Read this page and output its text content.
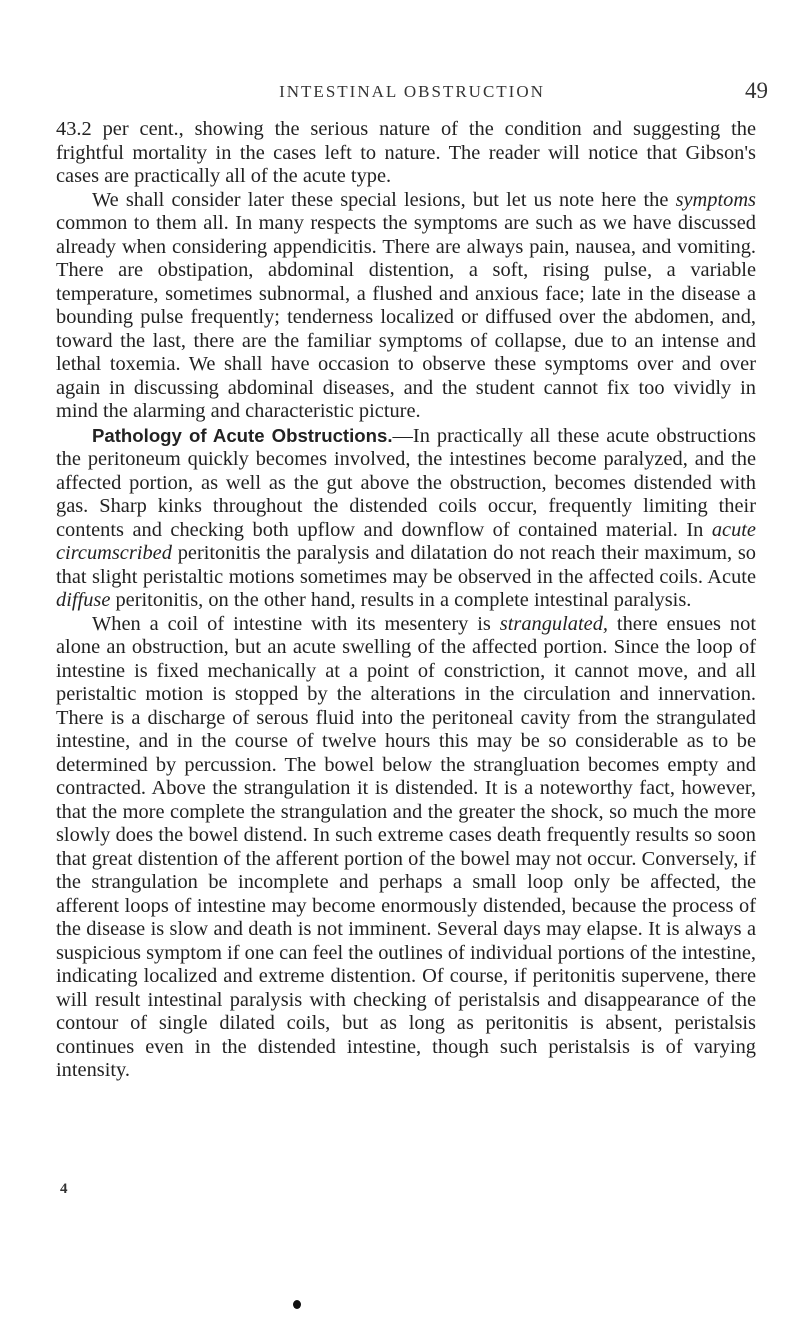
INTESTINAL OBSTRUCTION	49

43.2 per cent., showing the serious nature of the condition and suggesting the frightful mortality in the cases left to nature. The reader will notice that Gibson's cases are practically all of the acute type.

We shall consider later these special lesions, but let us note here the symptoms common to them all. In many respects the symptoms are such as we have discussed already when considering appendicitis. There are always pain, nausea, and vomiting. There are obstipation, abdominal distention, a soft, rising pulse, a variable temperature, sometimes subnormal, a flushed and anxious face; late in the disease a bounding pulse frequently; tenderness localized or diffused over the abdomen, and, toward the last, there are the familiar symptoms of collapse, due to an intense and lethal toxemia. We shall have occasion to observe these symptoms over and over again in discussing abdominal diseases, and the student cannot fix too vividly in mind the alarming and characteristic picture.

Pathology of Acute Obstructions.—In practically all these acute obstructions the peritoneum quickly becomes involved, the intestines become paralyzed, and the affected portion, as well as the gut above the obstruction, becomes distended with gas. Sharp kinks throughout the distended coils occur, frequently limiting their contents and checking both upflow and downflow of contained material. In acute circumscribed peritonitis the paralysis and dilatation do not reach their maximum, so that slight peristaltic motions sometimes may be observed in the affected coils. Acute diffuse peritonitis, on the other hand, results in a complete intestinal paralysis.

When a coil of intestine with its mesentery is strangulated, there ensues not alone an obstruction, but an acute swelling of the affected portion. Since the loop of intestine is fixed mechanically at a point of constriction, it cannot move, and all peristaltic motion is stopped by the alterations in the circulation and innervation. There is a discharge of serous fluid into the peritoneal cavity from the strangulated intestine, and in the course of twelve hours this may be so considerable as to be determined by percussion. The bowel below the strangluation becomes empty and contracted. Above the strangulation it is distended. It is a noteworthy fact, however, that the more complete the strangulation and the greater the shock, so much the more slowly does the bowel distend. In such extreme cases death frequently results so soon that great distention of the afferent portion of the bowel may not occur. Conversely, if the strangulation be incomplete and perhaps a small loop only be affected, the afferent loops of intestine may become enormously distended, because the process of the disease is slow and death is not imminent. Several days may elapse. It is always a suspicious symptom if one can feel the outlines of individual portions of the intestine, indicating localized and extreme distention. Of course, if peritonitis supervene, there will result intestinal paralysis with checking of peristalsis and disappearance of the contour of single dilated coils, but as long as peritonitis is absent, peristalsis continues even in the distended intestine, though such peristalsis is of varying intensity.

4
